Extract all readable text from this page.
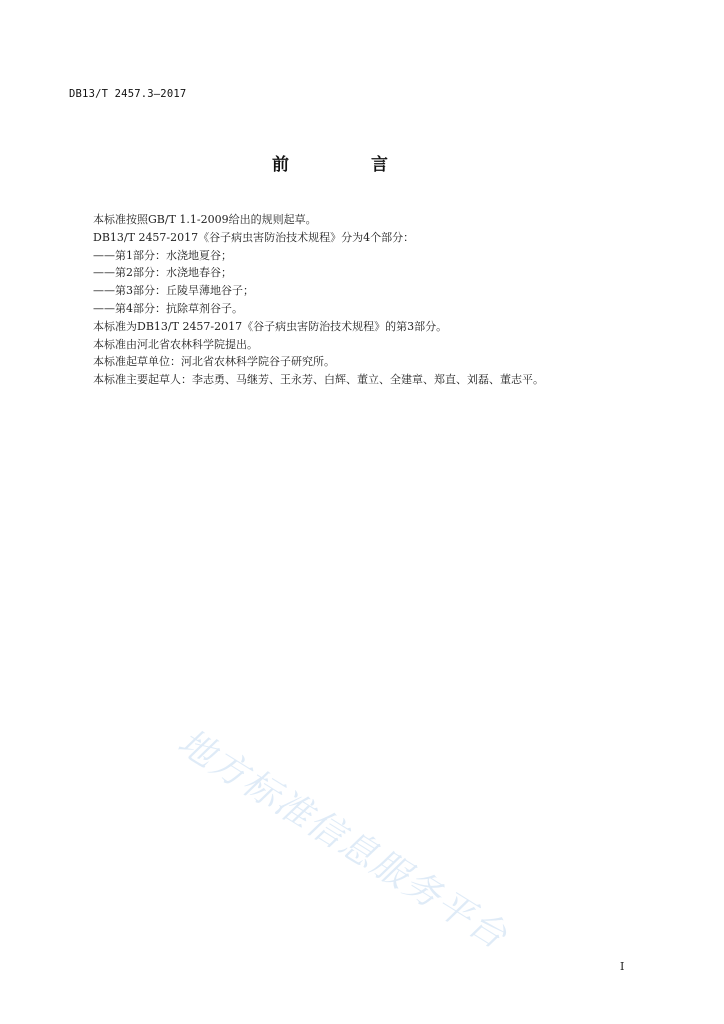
DB13/T 2457.3—2017
前 言
本标准按照GB/T 1.1-2009给出的规则起草。
DB13/T 2457-2017《谷子病虫害防治技术规程》分为4个部分：
——第1部分：水浇地夏谷；
——第2部分：水浇地春谷；
——第3部分：丘陵旱薄地谷子；
——第4部分：抗除草剂谷子。
本标准为DB13/T 2457-2017《谷子病虫害防治技术规程》的第3部分。
本标准由河北省农林科学院提出。
本标准起草单位：河北省农林科学院谷子研究所。
本标准主要起草人：李志勇、马继芳、王永芳、白辉、董立、全建章、郑直、刘磊、董志平。
地方标准信息服务平台
I
